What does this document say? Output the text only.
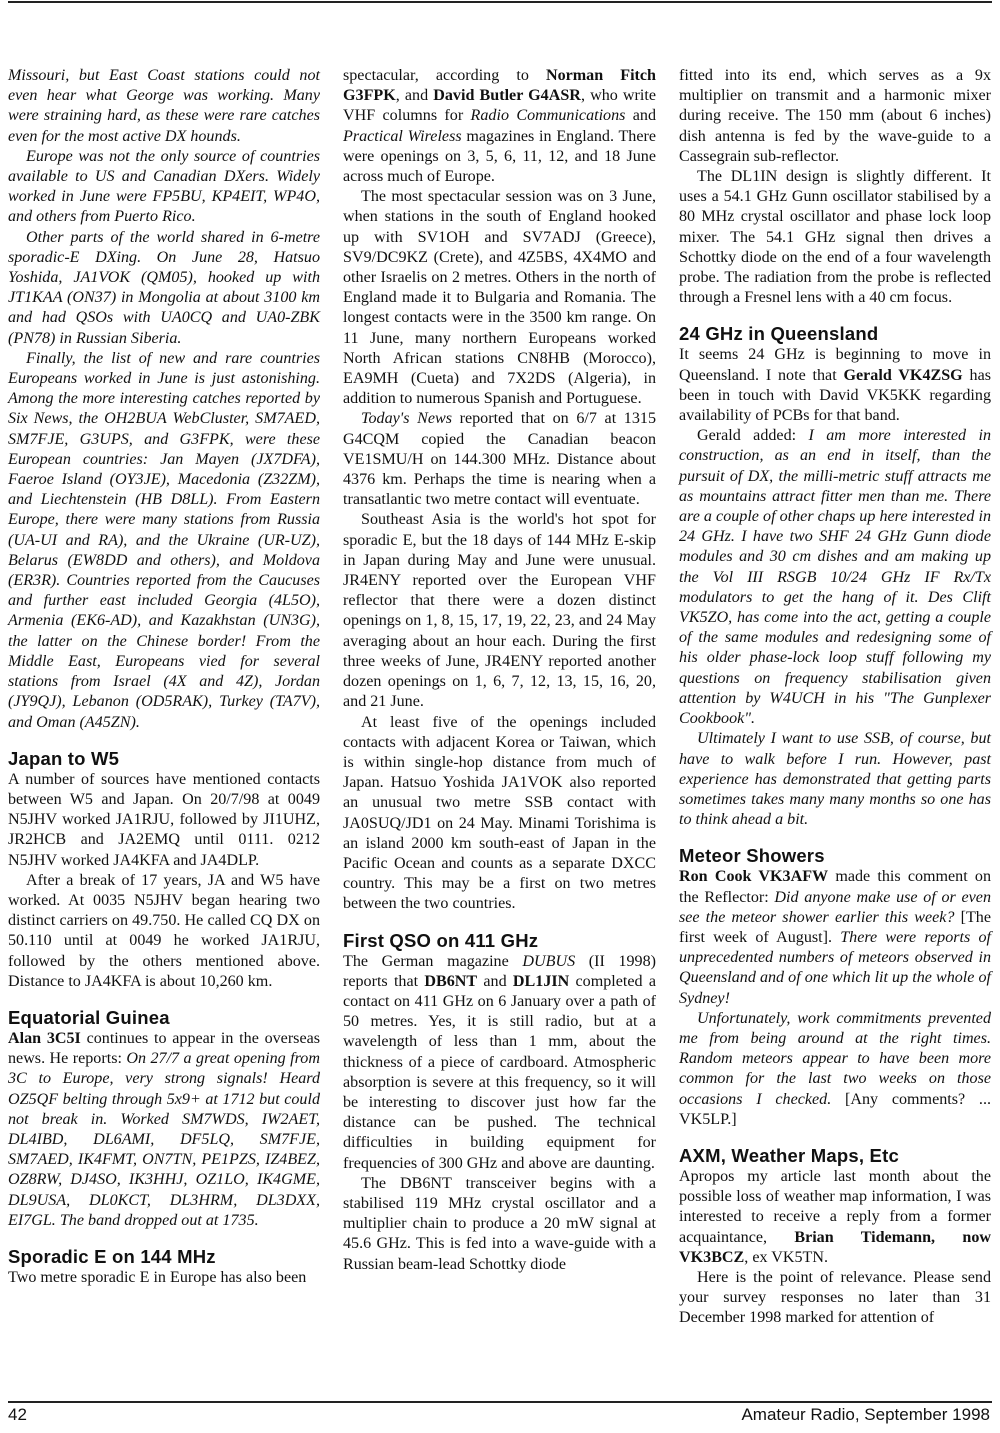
Missouri, but East Coast stations could not even hear what George was working. Many were straining hard, as these were rare catches even for the most active DX hounds.

Europe was not the only source of countries available to US and Canadian DXers. Widely worked in June were FP5BU, KP4EIT, WP4O, and others from Puerto Rico.

Other parts of the world shared in 6-metre sporadic-E DXing. On June 28, Hatsuo Yoshida, JA1VOK (QM05), hooked up with JT1KAA (ON37) in Mongolia at about 3100 km and had QSOs with UA0CQ and UA0-ZBK (PN78) in Russian Siberia.

Finally, the list of new and rare countries Europeans worked in June is just astonishing. Among the more interesting catches reported by Six News, the OH2BUA WebCluster, SM7AED, SM7FJE, G3UPS, and G3FPK, were these European countries: Jan Mayen (JX7DFA), Faeroe Island (OY3JE), Macedonia (Z32ZM), and Liechtenstein (HB D8LL). From Eastern Europe, there were many stations from Russia (UA-UI and RA), and the Ukraine (UR-UZ), Belarus (EW8DD and others), and Moldova (ER3R). Countries reported from the Caucuses and further east included Georgia (4L5O), Armenia (EK6-AD), and Kazakhstan (UN3G), the latter on the Chinese border! From the Middle East, Europeans vied for several stations from Israel (4X and 4Z), Jordan (JY9QJ), Lebanon (OD5RAK), Turkey (TA7V), and Oman (A45ZN).

Japan to W5

A number of sources have mentioned contacts between W5 and Japan. On 20/7/98 at 0049 N5JHV worked JA1RJU, followed by JI1UHZ, JR2HCB and JA2EMQ until 0111. 0212 N5JHV worked JA4KFA and JA4DLP.

After a break of 17 years, JA and W5 have worked. At 0035 N5JHV began hearing two distinct carriers on 49.750. He called CQ DX on 50.110 until at 0049 he worked JA1RJU, followed by the others mentioned above. Distance to JA4KFA is about 10,260 km.

Equatorial Guinea

Alan 3C5I continues to appear in the overseas news. He reports: On 27/7 a great opening from 3C to Europe, very strong signals! Heard OZ5QF belting through 5x9+ at 1712 but could not break in. Worked SM7WDS, IW2AET, DL4IBD, DL6AMI, DF5LQ, SM7FJE, SM7AED, IK4FMT, ON7TN, PE1PZS, IZ4BEZ, OZ8RW, DJ4SO, IK3HHJ, OZ1LO, IK4GME, DL9USA, DL0KCT, DL3HRM, DL3DXX, EI7GL. The band dropped out at 1735.

Sporadic E on 144 MHz

Two metre sporadic E in Europe has also been

spectacular, according to Norman Fitch G3FPK, and David Butler G4ASR, who write VHF columns for Radio Communications and Practical Wireless magazines in England. There were openings on 3, 5, 6, 11, 12, and 18 June across much of Europe.

The most spectacular session was on 3 June, when stations in the south of England hooked up with SV1OH and SV7ADJ (Greece), SV9/DC9KZ (Crete), and 4Z5BS, 4X4MO and other Israelis on 2 metres. Others in the north of England made it to Bulgaria and Romania. The longest contacts were in the 3500 km range. On 11 June, many northern Europeans worked North African stations CN8HB (Morocco), EA9MH (Cueta) and 7X2DS (Algeria), in addition to numerous Spanish and Portuguese.

Today's News reported that on 6/7 at 1315 G4CQM copied the Canadian beacon VE1SMU/H on 144.300 MHz. Distance about 4376 km. Perhaps the time is nearing when a transatlantic two metre contact will eventuate.

Southeast Asia is the world's hot spot for sporadic E, but the 18 days of 144 MHz E-skip in Japan during May and June were unusual. JR4ENY reported over the European VHF reflector that there were a dozen distinct openings on 1, 8, 15, 17, 19, 22, 23, and 24 May averaging about an hour each. During the first three weeks of June, JR4ENY reported another dozen openings on 1, 6, 7, 12, 13, 15, 16, 20, and 21 June.

At least five of the openings included contacts with adjacent Korea or Taiwan, which is within single-hop distance from much of Japan. Hatsuo Yoshida JA1VOK also reported an unusual two metre SSB contact with JA0SUQ/JD1 on 24 May. Minami Torishima is an island 2000 km south-east of Japan in the Pacific Ocean and counts as a separate DXCC country. This may be a first on two metres between the two countries.

First QSO on 411 GHz

The German magazine DUBUS (II 1998) reports that DB6NT and DL1JIN completed a contact on 411 GHz on 6 January over a path of 50 metres. Yes, it is still radio, but at a wavelength of less than 1 mm, about the thickness of a piece of cardboard. Atmospheric absorption is severe at this frequency, so it will be interesting to discover just how far the distance can be pushed. The technical difficulties in building equipment for frequencies of 300 GHz and above are daunting.

The DB6NT transceiver begins with a stabilised 119 MHz crystal oscillator and a multiplier chain to produce a 20 mW signal at 45.6 GHz. This is fed into a wave-guide with a Russian beam-lead Schottky diode

fitted into its end, which serves as a 9x multiplier on transmit and a harmonic mixer during receive. The 150 mm (about 6 inches) dish antenna is fed by the wave-guide to a Cassegrain sub-reflector.

The DL1IN design is slightly different. It uses a 54.1 GHz Gunn oscillator stabilised by a 80 MHz crystal oscillator and phase lock loop mixer. The 54.1 GHz signal then drives a Schottky diode on the end of a four wavelength probe. The radiation from the probe is reflected through a Fresnel lens with a 40 cm focus.

24 GHz in Queensland

It seems 24 GHz is beginning to move in Queensland. I note that Gerald VK4ZSG has been in touch with David VK5KK regarding availability of PCBs for that band.

Gerald added: I am more interested in construction, as an end in itself, than the pursuit of DX, the milli-metric stuff attracts me as mountains attract fitter men than me. There are a couple of other chaps up here interested in 24 GHz. I have two SHF 24 GHz Gunn diode modules and 30 cm dishes and am making up the Vol III RSGB 10/24 GHz IF Rx/Tx modulators to get the hang of it. Des Clift VK5ZO, has come into the act, getting a couple of the same modules and redesigning some of his older phase-lock loop stuff following my questions on frequency stabilisation given attention by W4UCH in his "The Gunplexer Cookbook".

Ultimately I want to use SSB, of course, but have to walk before I run. However, past experience has demonstrated that getting parts sometimes takes many many months so one has to think ahead a bit.

Meteor Showers

Ron Cook VK3AFW made this comment on the Reflector: Did anyone make use of or even see the meteor shower earlier this week? [The first week of August]. There were reports of unprecedented numbers of meteors observed in Queensland and of one which lit up the whole of Sydney!

Unfortunately, work commitments prevented me from being around at the right times. Random meteors appear to have been more common for the last two weeks on those occasions I checked. [Any comments? ... VK5LP.]

AXM, Weather Maps, Etc

Apropos my article last month about the possible loss of weather map information, I was interested to receive a reply from a former acquaintance, Brian Tidemann, now VK3BCZ, ex VK5TN.

Here is the point of relevance. Please send your survey responses no later than 31 December 1998 marked for attention of

42	Amateur Radio, September 1998
